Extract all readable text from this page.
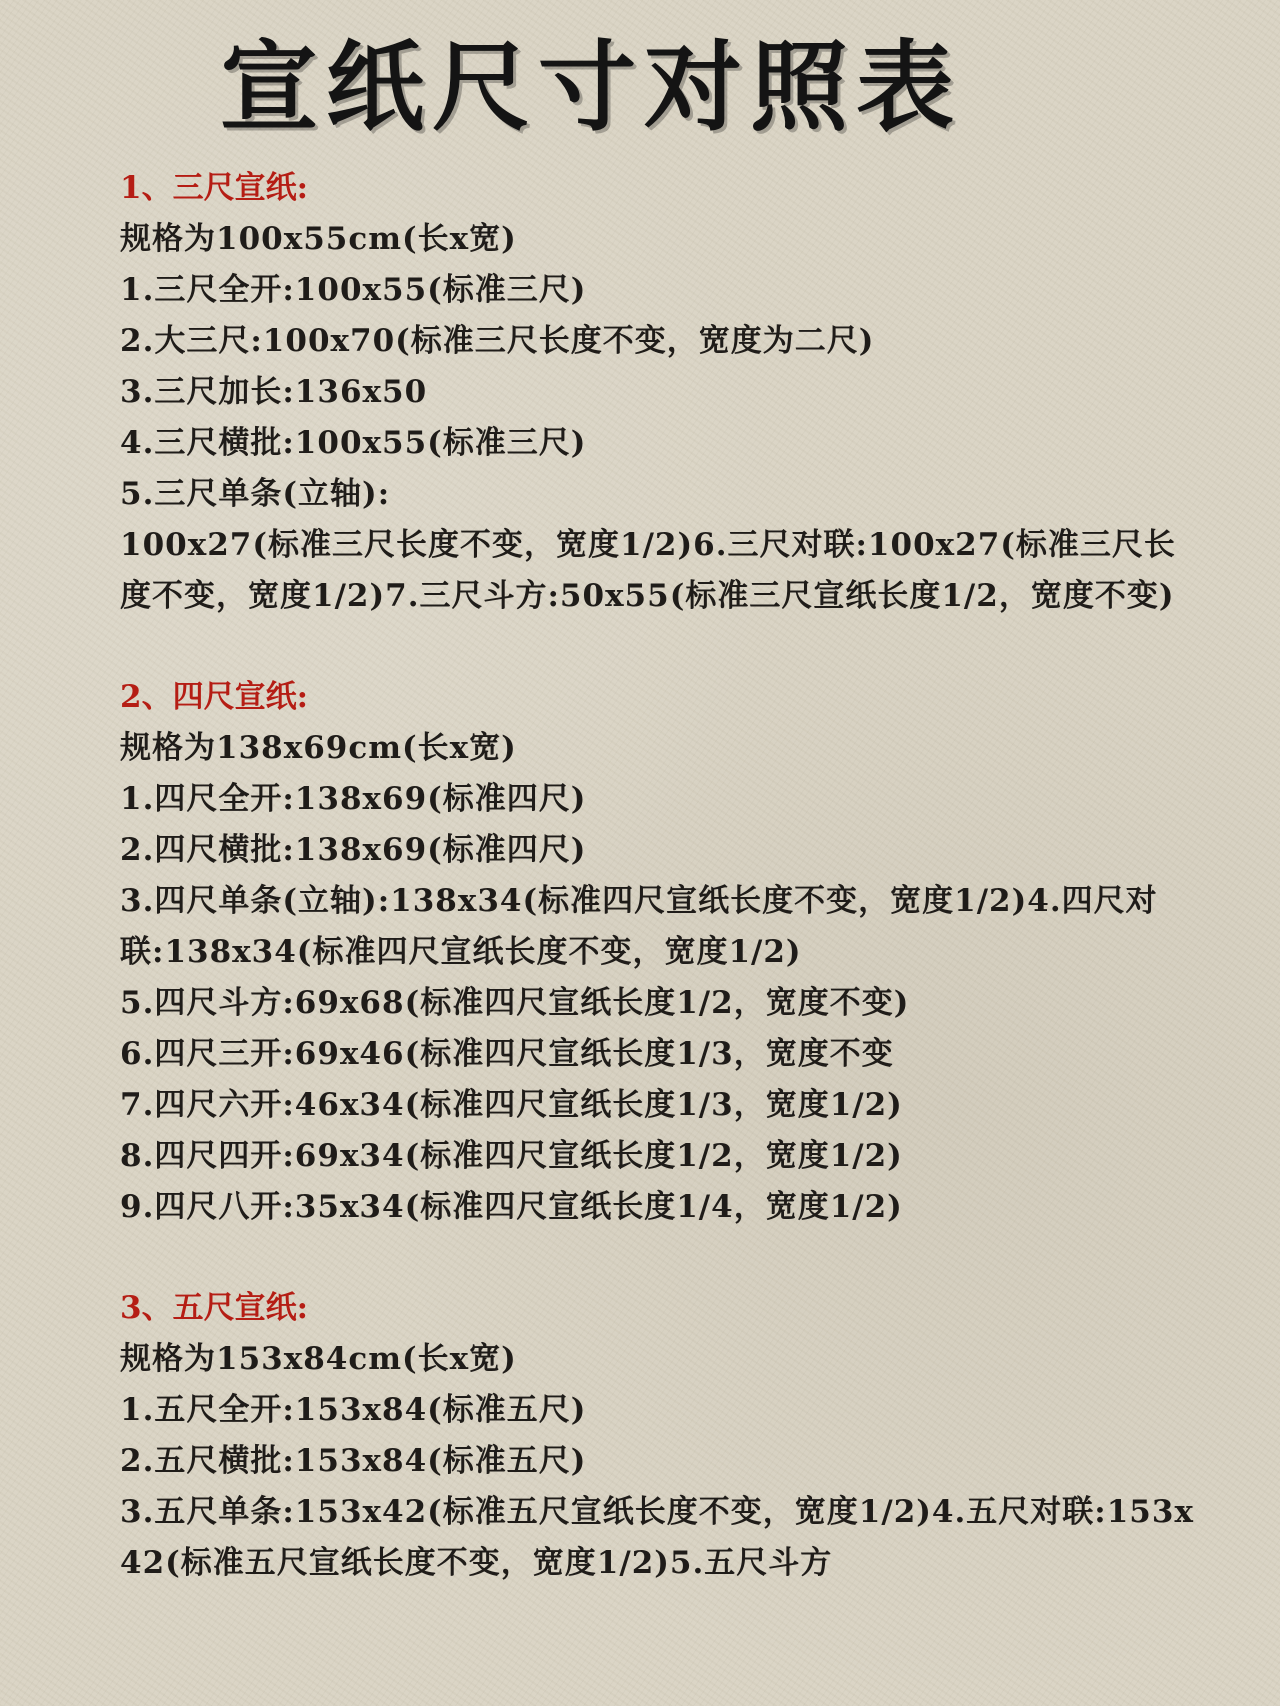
宣纸尺寸对照表
1、三尺宣纸:
规格为100x55cm(长x宽)
1.三尺全开:100x55(标准三尺)
2.大三尺:100x70(标准三尺长度不变，宽度为二尺)
3.三尺加长:136x50
4.三尺横批:100x55(标准三尺)
5.三尺单条(立轴):
100x27(标准三尺长度不变，宽度1/2)6.三尺对联:100x27(标准三尺长度不变，宽度1/2)7.三尺斗方:50x55(标准三尺宣纸长度1/2，宽度不变)
2、四尺宣纸:
规格为138x69cm(长x宽)
1.四尺全开:138x69(标准四尺)
2.四尺横批:138x69(标准四尺)
3.四尺单条(立轴):138x34(标准四尺宣纸长度不变，宽度1/2)4.四尺对联:138x34(标准四尺宣纸长度不变，宽度1/2)
5.四尺斗方:69x68(标准四尺宣纸长度1/2，宽度不变)
6.四尺三开:69x46(标准四尺宣纸长度1/3，宽度不变
7.四尺六开:46x34(标准四尺宣纸长度1/3，宽度1/2)
8.四尺四开:69x34(标准四尺宣纸长度1/2，宽度1/2)
9.四尺八开:35x34(标准四尺宣纸长度1/4，宽度1/2)
3、五尺宣纸:
规格为153x84cm(长x宽)
1.五尺全开:153x84(标准五尺)
2.五尺横批:153x84(标准五尺)
3.五尺单条:153x42(标准五尺宣纸长度不变，宽度1/2)4.五尺对联:153x42(标准五尺宣纸长度不变，宽度1/2)5.五尺斗方
